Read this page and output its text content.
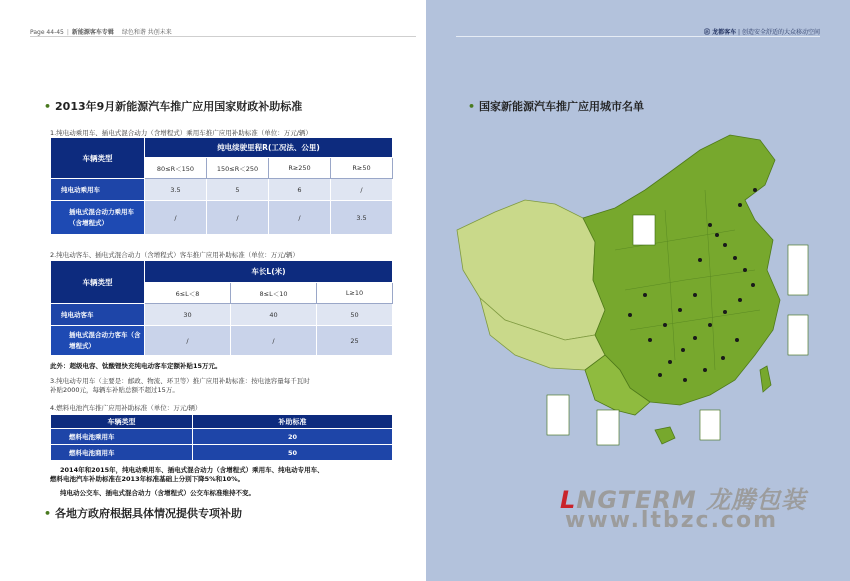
Page 44-45 | 新能源客车专辑 绿色和谐 共创未来
• 2013年9月新能源汽车推广应用国家财政补助标准
1.纯电动乘用车、插电式混合动力（含增程式）乘用车推广应用补助标准（单位：万元/辆）
车辆类型	纯电续驶里程R(工况法、公里)			
	80≤R＜150	150≤R＜250	R≥250	R≥50
纯电动乘用车	3.5	5	6	/
插电式混合动力乘用车（含增程式）	/	/	/	3.5
2.纯电动客车、插电式混合动力（含增程式）客车推广应用补助标准（单位：万元/辆）
车辆类型	车长L(米)		
	6≤L＜8	8≤L＜10	L≥10
纯电动客车	30	40	50
插电式混合动力客车（含增程式）	/	/	25
此外：超级电容、钛酸锂快充纯电动客车定额补贴15万元。
3.纯电动专用车（主要是：邮政、物流、环卫等）推广应用补助标准：按电池容量每千瓦时
补贴2000元，每辆车补贴总额不超过15万。
4.燃料电池汽车推广应用补助标准（单位：万元/辆）
车辆类型	补助标准
燃料电池乘用车	20
燃料电池商用车	50
2014年和2015年，纯电动乘用车、插电式混合动力（含增程式）乘用车、纯电动专用车、
燃料电池汽车补助标准在2013年标准基础上分别下降5%和10%。
纯电动公交车、插电式混合动力（含增程式）公交车标准维持不变。
• 各地方政府根据具体情况提供专项补助
㊣ 龙都客车 | 创造安全舒适的大众移动空间
• 国家新能源汽车推广应用城市名单
LNGTERM 龙腾包装
www.ltbzc.com
